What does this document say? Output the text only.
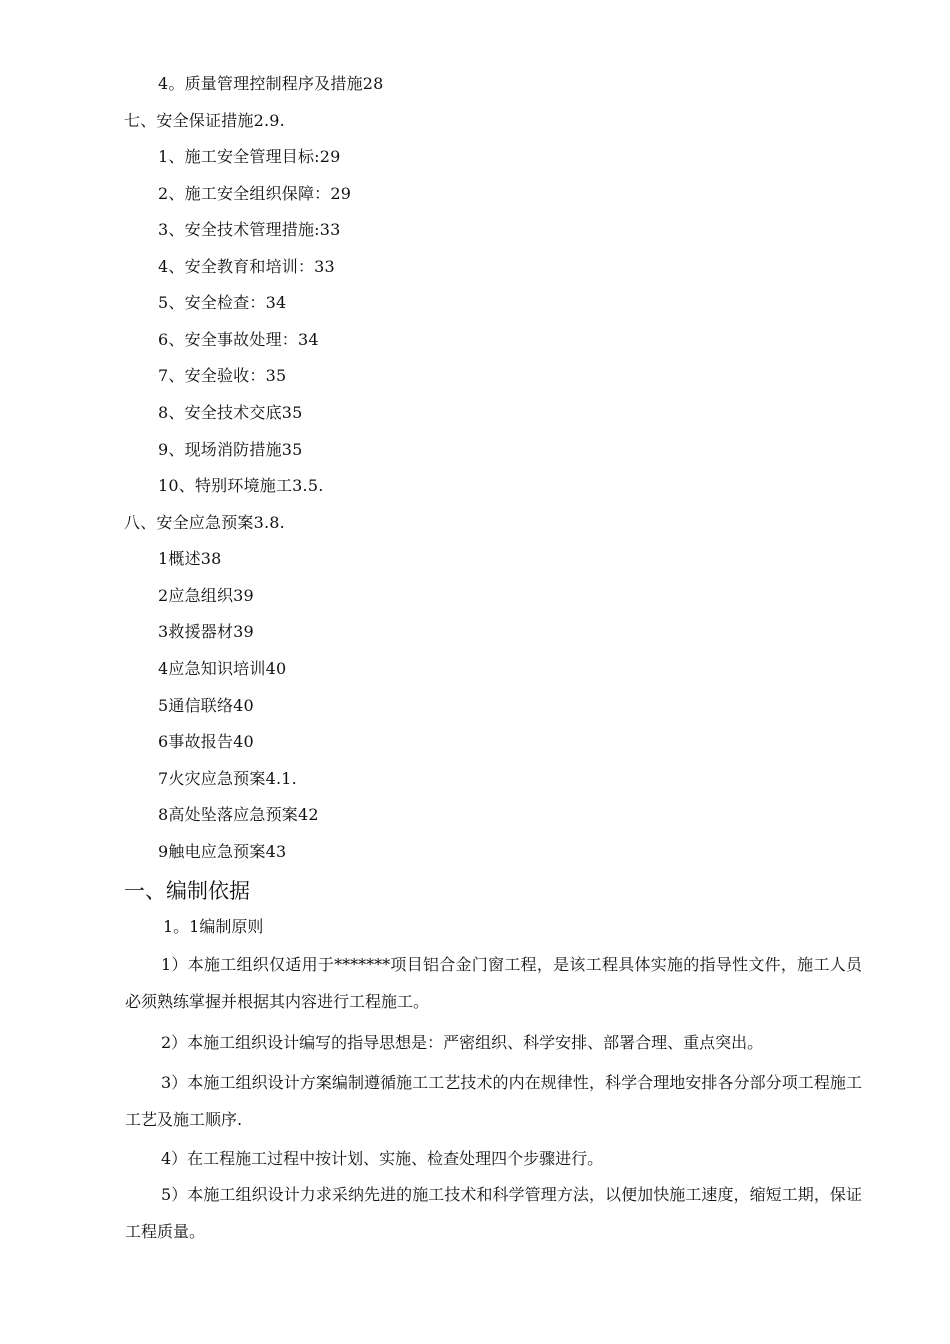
4。质量管理控制程序及措施28
七、安全保证措施2.9.
1、施工安全管理目标:29
2、施工安全组织保障：29
3、安全技术管理措施:33
4、安全教育和培训：33
5、安全检查：34
6、安全事故处理：34
7、安全验收：35
8、安全技术交底35
9、现场消防措施35
10、特别环境施工3.5.
八、安全应急预案3.8.
1概述38
2应急组织39
3救援器材39
4应急知识培训40
5通信联络40
6事故报告40
7火灾应急预案4.1.
8高处坠落应急预案42
9触电应急预案43
一、编制依据
1。1编制原则
1）本施工组织仅适用于*******项目铝合金门窗工程，是该工程具体实施的指导性文件，施工人员必须熟练掌握并根据其内容进行工程施工。
2）本施工组织设计编写的指导思想是：严密组织、科学安排、部署合理、重点突出。
3）本施工组织设计方案编制遵循施工工艺技术的内在规律性，科学合理地安排各分部分项工程施工工艺及施工顺序.
4）在工程施工过程中按计划、实施、检查处理四个步骤进行。
5）本施工组织设计力求采纳先进的施工技术和科学管理方法，以便加快施工速度，缩短工期，保证工程质量。
